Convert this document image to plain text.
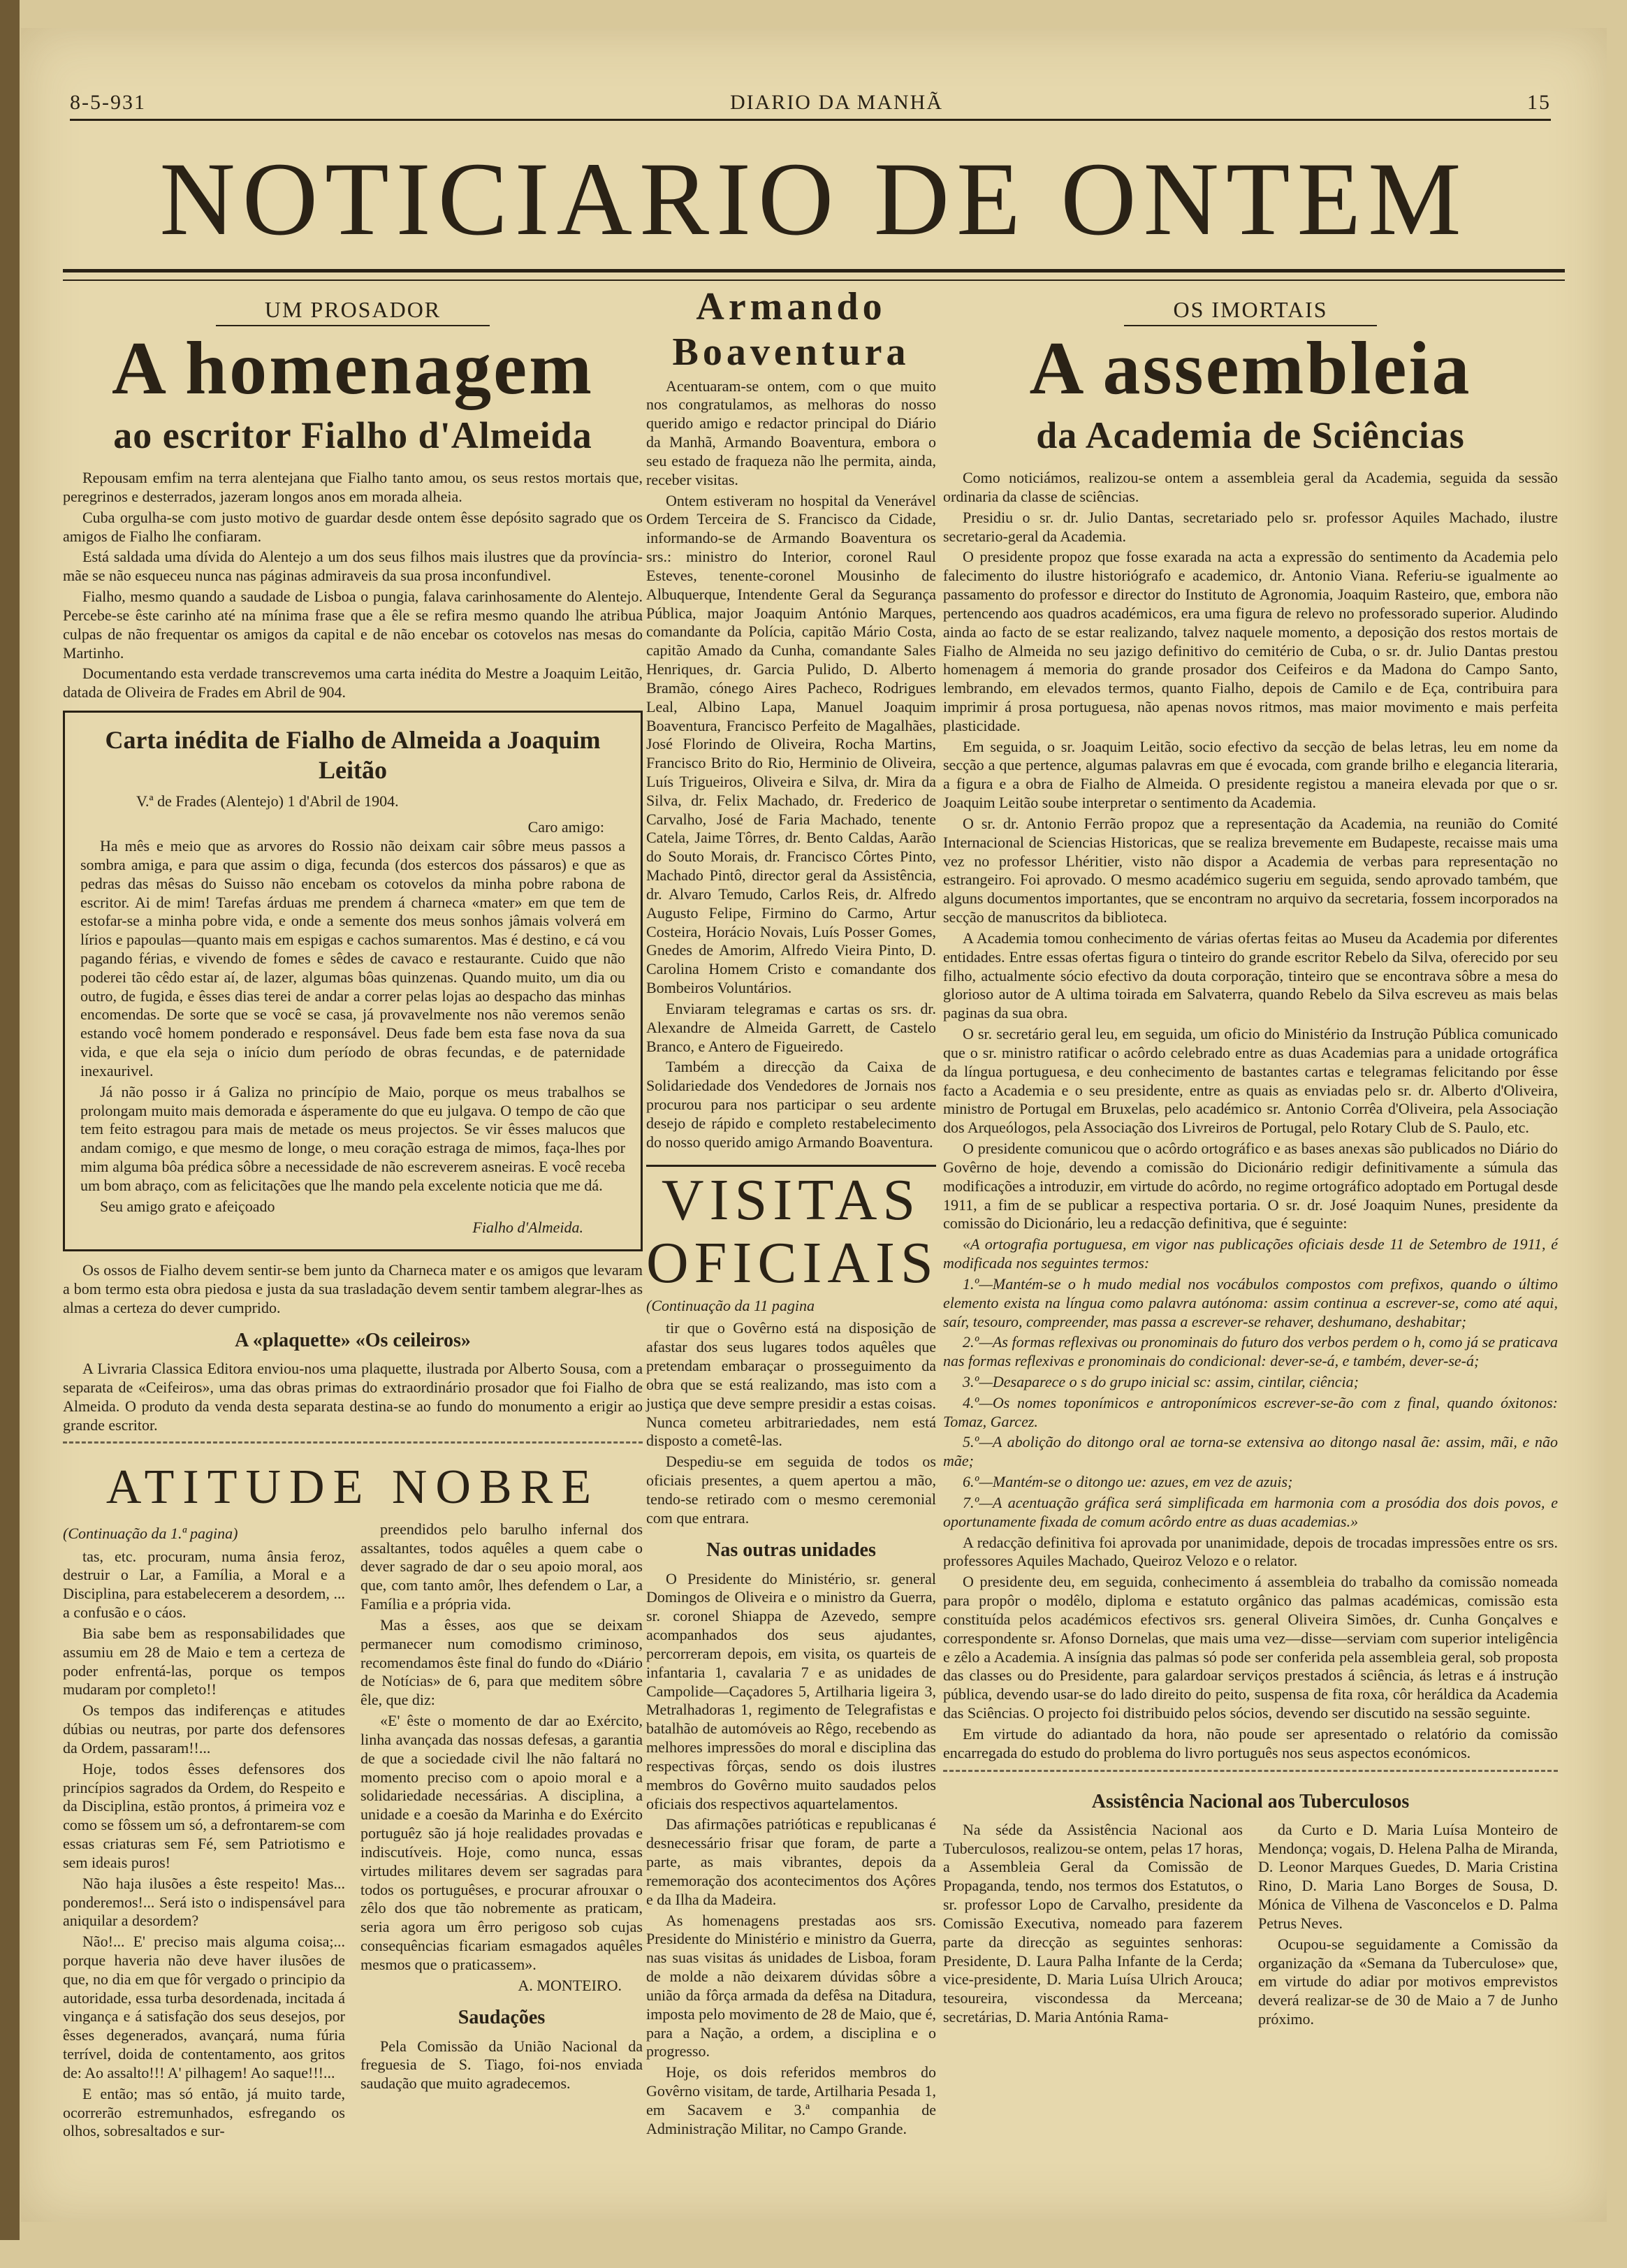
8-5-931	DIARIO DA MANHÃ	15
NOTICIARIO DE ONTEM
UM PROSADOR
A homenagem
ao escritor Fialho d'Almeida

Repousam emfim na terra alentejana que Fialho tanto amou, os seus restos mortais que, peregrinos e desterrados, jazeram longos anos em morada alheia.

Cuba orgulha-se com justo motivo de guardar desde ontem êsse depósito sagrado que os amigos de Fialho lhe confiaram.

Está saldada uma dívida do Alentejo a um dos seus filhos mais ilustres que da província-mãe se não esqueceu nunca nas páginas admiraveis da sua prosa inconfundivel.

Fialho, mesmo quando a saudade de Lisboa o pungia, falava carinhosamente do Alentejo. Percebe-se êste carinho até na mínima frase que a êle se refira mesmo quando lhe atribua culpas de não frequentar os amigos da capital e de não encebar os cotovelos nas mesas do Martinho.

Documentando esta verdade transcrevemos uma carta inédita do Mestre a Joaquim Leitão, datada de Oliveira de Frades em Abril de 904.

Carta inédita de Fialho de Almeida a Joaquim Leitão
V.ª de Frades (Alentejo) 1 d'Abril de 1904.
Caro amigo:

Ha mês e meio que as arvores do Rossio não deixam cair sôbre meus passos a sombra amiga, e para que assim o diga, fecunda (dos estercos dos pássaros) e que as pedras das mêsas do Suisso não encebam os cotovelos da minha pobre rabona de escritor. Ai de mim! Tarefas árduas me prendem á charneca «mater» em que tem de estofar-se a minha pobre vida, e onde a semente dos meus sonhos jâmais volverá em lírios e papoulas—quanto mais em espigas e cachos sumarentos. Mas é destino, e cá vou pagando férias, e vivendo de fomes e sêdes de cavaco e restaurante. Cuido que não poderei tão cêdo estar aí, de lazer, algumas bôas quinzenas. Quando muito, um dia ou outro, de fugida, e êsses dias terei de andar a correr pelas lojas ao despacho das minhas encomendas. De sorte que se você se casa, já provavelmente nos não veremos senão estando você homem ponderado e responsável. Deus fade bem esta fase nova da sua vida, e que ela seja o início dum período de obras fecundas, e de paternidade inexaurivel.

Já não posso ir á Galiza no princípio de Maio, porque os meus trabalhos se prolongam muito mais demorada e ásperamente do que eu julgava. O tempo de cão que tem feito estragou para mais de metade os meus projectos. Se vir êsses malucos que andam comigo, e que mesmo de longe, o meu coração estraga de mimos, faça-lhes por mim alguma bôa prédica sôbre a necessidade de não escreverem asneiras. E você receba um bom abraço, com as felicitações que lhe mando pela excelente noticia que me dá.

Seu amigo grato e afeiçoado

Fialho d'Almeida.

Os ossos de Fialho devem sentir-se bem junto da Charneca mater e os amigos que levaram a bom termo esta obra piedosa e justa da sua trasladação devem sentir tambem alegrar-lhes as almas a certeza do dever cumprido.

A «plaquette» «Os ceileiros»

A Livraria Classica Editora enviou-nos uma plaquette, ilustrada por Alberto Sousa, com a separata de «Ceifeiros», uma das obras primas do extraordinário prosador que foi Fialho de Almeida. O produto da venda desta separata destina-se ao fundo do monumento a erigir ao grande escritor.

ATITUDE NOBRE
(Continuação da 1.ª pagina)

tas, etc. procuram, numa ânsia feroz, destruir o Lar, a Família, a Moral e a Disciplina, para estabelecerem a desordem, ... a confusão e o cáos.

Bia sabe bem as responsabilidades que assumiu em 28 de Maio e tem a certeza de poder enfrentá-las, porque os tempos mudaram por completo!!

Os tempos das indiferenças e atitudes dúbias ou neutras, por parte dos defensores da Ordem, passaram!!...

Hoje, todos êsses defensores dos princípios sagrados da Ordem, do Respeito e da Disciplina, estão prontos, á primeira voz e como se fôssem um só, a defrontarem-se com essas criaturas sem Fé, sem Patriotismo e sem ideais puros!

Não haja ilusões a êste respeito! Mas... ponderemos!... Será isto o indispensável para aniquilar a desordem?

Não!... E' preciso mais alguma coisa;... porque haveria não deve haver ilusões de que, no dia em que fôr vergado o principio da autoridade, essa turba desordenada, incitada á vingança e á satisfação dos seus desejos, por êsses degenerados, avançará, numa fúria terrível, doida de contentamento, aos gritos de: Ao assalto!!! A' pilhagem! Ao saque!!!...

E então; mas só então, já muito tarde, ocorrerão estremunhados, esfregando os olhos, sobresaltados e sur-

preendidos pelo barulho infernal dos assaltantes, todos aquêles a quem cabe o dever sagrado de dar o seu apoio moral, aos que, com tanto amôr, lhes defendem o Lar, a Família e a própria vida.

Mas a êsses, aos que se deixam permanecer num comodismo criminoso, recomendamos êste final do fundo do «Diário de Notícias» de 6, para que meditem sôbre êle, que diz:

«E' êste o momento de dar ao Exército, linha avançada das nossas defesas, a garantia de que a sociedade civil lhe não faltará no momento preciso com o apoio moral e a solidariedade necessárias. A disciplina, a unidade e a coesão da Marinha e do Exército portuguêz são já hoje realidades provadas e indiscutíveis. Hoje, como nunca, essas virtudes militares devem ser sagradas para todos os portuguêses, e procurar afrouxar o zêlo dos que tão nobremente as praticam, seria agora um êrro perigoso sob cujas consequências ficariam esmagados aquêles mesmos que o praticassem».

A. MONTEIRO.
Saudações

Pela Comissão da União Nacional da freguesia de S. Tiago, foi-nos enviada saudação que muito agradecemos.

Armando
Boaventura

Acentuaram-se ontem, com o que muito nos congratulamos, as melhoras do nosso querido amigo e redactor principal do Diário da Manhã, Armando Boaventura, embora o seu estado de fraqueza não lhe permita, ainda, receber visitas.

Ontem estiveram no hospital da Venerável Ordem Terceira de S. Francisco da Cidade, informando-se de Armando Boaventura os srs.: ministro do Interior, coronel Raul Esteves, tenente-coronel Mousinho de Albuquerque, Intendente Geral da Segurança Pública, major Joaquim António Marques, comandante da Polícia, capitão Mário Costa, capitão Amado da Cunha, comandante Sales Henriques, dr. Garcia Pulido, D. Alberto Bramão, cónego Aires Pacheco, Rodrigues Leal, Albino Lapa, Manuel Joaquim Boaventura, Francisco Perfeito de Magalhães, José Florindo de Oliveira, Rocha Martins, Francisco Brito do Rio, Herminio de Oliveira, Luís Trigueiros, Oliveira e Silva, dr. Mira da Silva, dr. Felix Machado, dr. Frederico de Carvalho, José de Faria Machado, tenente Catela, Jaime Tôrres, dr. Bento Caldas, Aarão do Souto Morais, dr. Francisco Côrtes Pinto, Machado Pintô, director geral da Assistência, dr. Alvaro Temudo, Carlos Reis, dr. Alfredo Augusto Felipe, Firmino do Carmo, Artur Costeira, Horácio Novais, Luís Posser Gomes, Gnedes de Amorim, Alfredo Vieira Pinto, D. Carolina Homem Cristo e comandante dos Bombeiros Voluntários.

Enviaram telegramas e cartas os srs. dr. Alexandre de Almeida Garrett, de Castelo Branco, e Antero de Figueiredo.

Também a direcção da Caixa de Solidariedade dos Vendedores de Jornais nos procurou para nos participar o seu ardente desejo de rápido e completo restabelecimento do nosso querido amigo Armando Boaventura.

VISITAS
OFICIAIS
(Continuação da 11 pagina

tir que o Govêrno está na disposição de afastar dos seus lugares todos aquêles que pretendam embaraçar o prosseguimento da obra que se está realizando, mas isto com a justiça que deve sempre presidir a estas coisas. Nunca cometeu arbitrariedades, nem está disposto a cometê-las.

Despediu-se em seguida de todos os oficiais presentes, a quem apertou a mão, tendo-se retirado com o mesmo ceremonial com que entrara.

Nas outras unidades

O Presidente do Ministério, sr. general Domingos de Oliveira e o ministro da Guerra, sr. coronel Shiappa de Azevedo, sempre acompanhados dos seus ajudantes, percorreram depois, em visita, os quarteis de infantaria 1, cavalaria 7 e as unidades de Campolide—Caçadores 5, Artilharia ligeira 3, Metralhadoras 1, regimento de Telegrafistas e batalhão de automóveis ao Rêgo, recebendo as melhores impressões do moral e disciplina das respectivas fôrças, sendo os dois ilustres membros do Govêrno muito saudados pelos oficiais dos respectivos aquartelamentos.

Das afirmações patrióticas e republicanas é desnecessário frisar que foram, de parte a parte, as mais vibrantes, depois da rememoração dos acontecimentos dos Açôres e da Ilha da Madeira.

As homenagens prestadas aos srs. Presidente do Ministério e ministro da Guerra, nas suas visitas ás unidades de Lisboa, foram de molde a não deixarem dúvidas sôbre a união da fôrça armada da defêsa na Ditadura, imposta pelo movimento de 28 de Maio, que é, para a Nação, a ordem, a disciplina e o progresso.

Hoje, os dois referidos membros do Govêrno visitam, de tarde, Artilharia Pesada 1, em Sacavem e 3.ª companhia de Administração Militar, no Campo Grande.

OS IMORTAIS
A assembleia
da Academia de Sciências

Como noticiámos, realizou-se ontem a assembleia geral da Academia, seguida da sessão ordinaria da classe de sciências.

Presidiu o sr. dr. Julio Dantas, secretariado pelo sr. professor Aquiles Machado, ilustre secretario-geral da Academia.

O presidente propoz que fosse exarada na acta a expressão do sentimento da Academia pelo falecimento do ilustre historiógrafo e academico, dr. Antonio Viana. Referiu-se igualmente ao passamento do professor e director do Instituto de Agronomia, Joaquim Rasteiro, que, embora não pertencendo aos quadros académicos, era uma figura de relevo no professorado superior. Aludindo ainda ao facto de se estar realizando, talvez naquele momento, a deposição dos restos mortais de Fialho de Almeida no seu jazigo definitivo do cemitério de Cuba, o sr. dr. Julio Dantas prestou homenagem á memoria do grande prosador dos Ceifeiros e da Madona do Campo Santo, lembrando, em elevados termos, quanto Fialho, depois de Camilo e de Eça, contribuira para imprimir á prosa portuguesa, não apenas novos ritmos, mas maior movimento e mais perfeita plasticidade.

Em seguida, o sr. Joaquim Leitão, socio efectivo da secção de belas letras, leu em nome da secção a que pertence, algumas palavras em que é evocada, com grande brilho e elegancia literaria, a figura e a obra de Fialho de Almeida. O presidente registou a maneira elevada por que o sr. Joaquim Leitão soube interpretar o sentimento da Academia.

O sr. dr. Antonio Ferrão propoz que a representação da Academia, na reunião do Comité Internacional de Sciencias Historicas, que se realiza brevemente em Budapeste, recaisse mais uma vez no professor Lhéritier, visto não dispor a Academia de verbas para representação no estrangeiro. Foi aprovado. O mesmo académico sugeriu em seguida, sendo aprovado também, que alguns documentos importantes, que se encontram no arquivo da secretaria, fossem incorporados na secção de manuscritos da biblioteca.

A Academia tomou conhecimento de várias ofertas feitas ao Museu da Academia por diferentes entidades. Entre essas ofertas figura o tinteiro do grande escritor Rebelo da Silva, oferecido por seu filho, actualmente sócio efectivo da douta corporação, tinteiro que se encontrava sôbre a mesa do glorioso autor de A ultima toirada em Salvaterra, quando Rebelo da Silva escreveu as mais belas paginas da sua obra.

O sr. secretário geral leu, em seguida, um oficio do Ministério da Instrução Pública comunicado que o sr. ministro ratificar o acôrdo celebrado entre as duas Academias para a unidade ortográfica da língua portuguesa, e deu conhecimento de bastantes cartas e telegramas felicitando por êsse facto a Academia e o seu presidente, entre as quais as enviadas pelo sr. dr. Alberto d'Oliveira, ministro de Portugal em Bruxelas, pelo académico sr. Antonio Corrêa d'Oliveira, pela Associação dos Arqueólogos, pela Associação dos Livreiros de Portugal, pelo Rotary Club de S. Paulo, etc.

O presidente comunicou que o acôrdo ortográfico e as bases anexas são publicados no Diário do Govêrno de hoje, devendo a comissão do Dicionário redigir definitivamente a súmula das modificações a introduzir, em virtude do acôrdo, no regime ortográfico adoptado em Portugal desde 1911, a fim de se publicar a respectiva portaria. O sr. dr. José Joaquim Nunes, presidente da comissão do Dicionário, leu a redacção definitiva, que é seguinte:

«A ortografia portuguesa, em vigor nas publicações oficiais desde 11 de Setembro de 1911, é modificada nos seguintes termos:

1.º—Mantém-se o h mudo medial nos vocábulos compostos com prefixos, quando o último elemento exista na língua como palavra autónoma: assim continua a escrever-se, como até aqui, saír, tesouro, compreender, mas passa a escrever-se rehaver, deshumano, deshabitar;

2.º—As formas reflexivas ou pronominais do futuro dos verbos perdem o h, como já se praticava nas formas reflexivas e pronominais do condicional: dever-se-á, e também, dever-se-á;

3.º—Desaparece o s do grupo inicial sc: assim, cintilar, ciência;

4.º—Os nomes toponímicos e antroponímicos escrever-se-ão com z final, quando óxitonos: Tomaz, Garcez.

5.º—A abolição do ditongo oral ae torna-se extensiva ao ditongo nasal ãe: assim, mãi, e não mãe;

6.º—Mantém-se o ditongo ue: azues, em vez de azuis;

7.º—A acentuação gráfica será simplificada em harmonia com a prosódia dos dois povos, e oportunamente fixada de comum acôrdo entre as duas academias.»

A redacção definitiva foi aprovada por unanimidade, depois de trocadas impressões entre os srs. professores Aquiles Machado, Queiroz Velozo e o relator.

O presidente deu, em seguida, conhecimento á assembleia do trabalho da comissão nomeada para propôr o modêlo, diploma e estatuto orgânico das palmas académicas, comissão esta constituída pelos académicos efectivos srs. general Oliveira Simões, dr. Cunha Gonçalves e correspondente sr. Afonso Dornelas, que mais uma vez—disse—serviam com superior inteligência e zêlo a Academia. A insígnia das palmas só pode ser conferida pela assembleia geral, sob proposta das classes ou do Presidente, para galardoar serviços prestados á sciência, ás letras e á instrução pública, devendo usar-se do lado direito do peito, suspensa de fita roxa, côr heráldica da Academia das Sciências. O projecto foi distribuido pelos sócios, devendo ser discutido na sessão seguinte.

Em virtude do adiantado da hora, não poude ser apresentado o relatório da comissão encarregada do estudo do problema do livro português nos seus aspectos económicos.

Assistência Nacional aos Tuberculosos

Na séde da Assistência Nacional aos Tuberculosos, realizou-se ontem, pelas 17 horas, a Assembleia Geral da Comissão de Propaganda, tendo, nos termos dos Estatutos, o sr. professor Lopo de Carvalho, presidente da Comissão Executiva, nomeado para fazerem parte da direcção as seguintes senhoras: Presidente, D. Laura Palha Infante de la Cerda; vice-presidente, D. Maria Luísa Ulrich Arouca; tesoureira, viscondessa da Merceana; secretárias, D. Maria Antónia Rama-

da Curto e D. Maria Luísa Monteiro de Mendonça; vogais, D. Helena Palha de Miranda, D. Leonor Marques Guedes, D. Maria Cristina Rino, D. Maria Lano Borges de Sousa, D. Mónica de Vilhena de Vasconcelos e D. Palma Petrus Neves.

Ocupou-se seguidamente a Comissão da organização da «Semana da Tuberculose» que, em virtude do adiar por motivos emprevistos deverá realizar-se de 30 de Maio a 7 de Junho próximo.
